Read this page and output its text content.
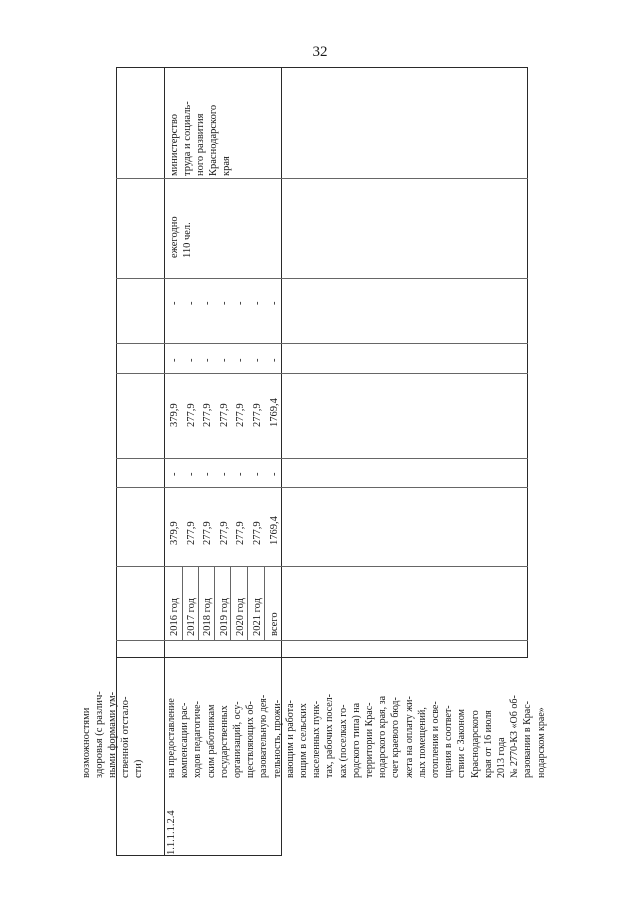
32
возможностями здоровья (с различ- ными формами ум- ственной отстало- сти)
министерство труда и социаль- ного развития Краснодарского края
ежегодно 110 чел.
1.1.1.1.2.4
на предоставление компенсации рас- ходов педагогиче- ским работникам государственных организаций, осу- ществляющих об- разовательную дея- тельность, прожи- вающим и работа- ющим в сельских населенных пунк- тах, рабочих посел- ках (поселках го- родского типа) на территории Крас- нодарского края, за счет краевого бюд- жета на оплату жи- лых помещений, отопления и осве- щения в соответ- ствии с Законом Краснодарского края от 16 июля 2013 года № 2770-КЗ «Об об- разовании в Крас- нодарском крае»
2016 год 2017 год 2018 год 2019 год 2020 год 2021 год всего
379,9 277,9 277,9 277,9 277,9 277,9 1769,4
- - - - - - -
379,9 277,9 277,9 277,9 277,9 277,9 1769,4
- - - - - - -
- - - - - - -
